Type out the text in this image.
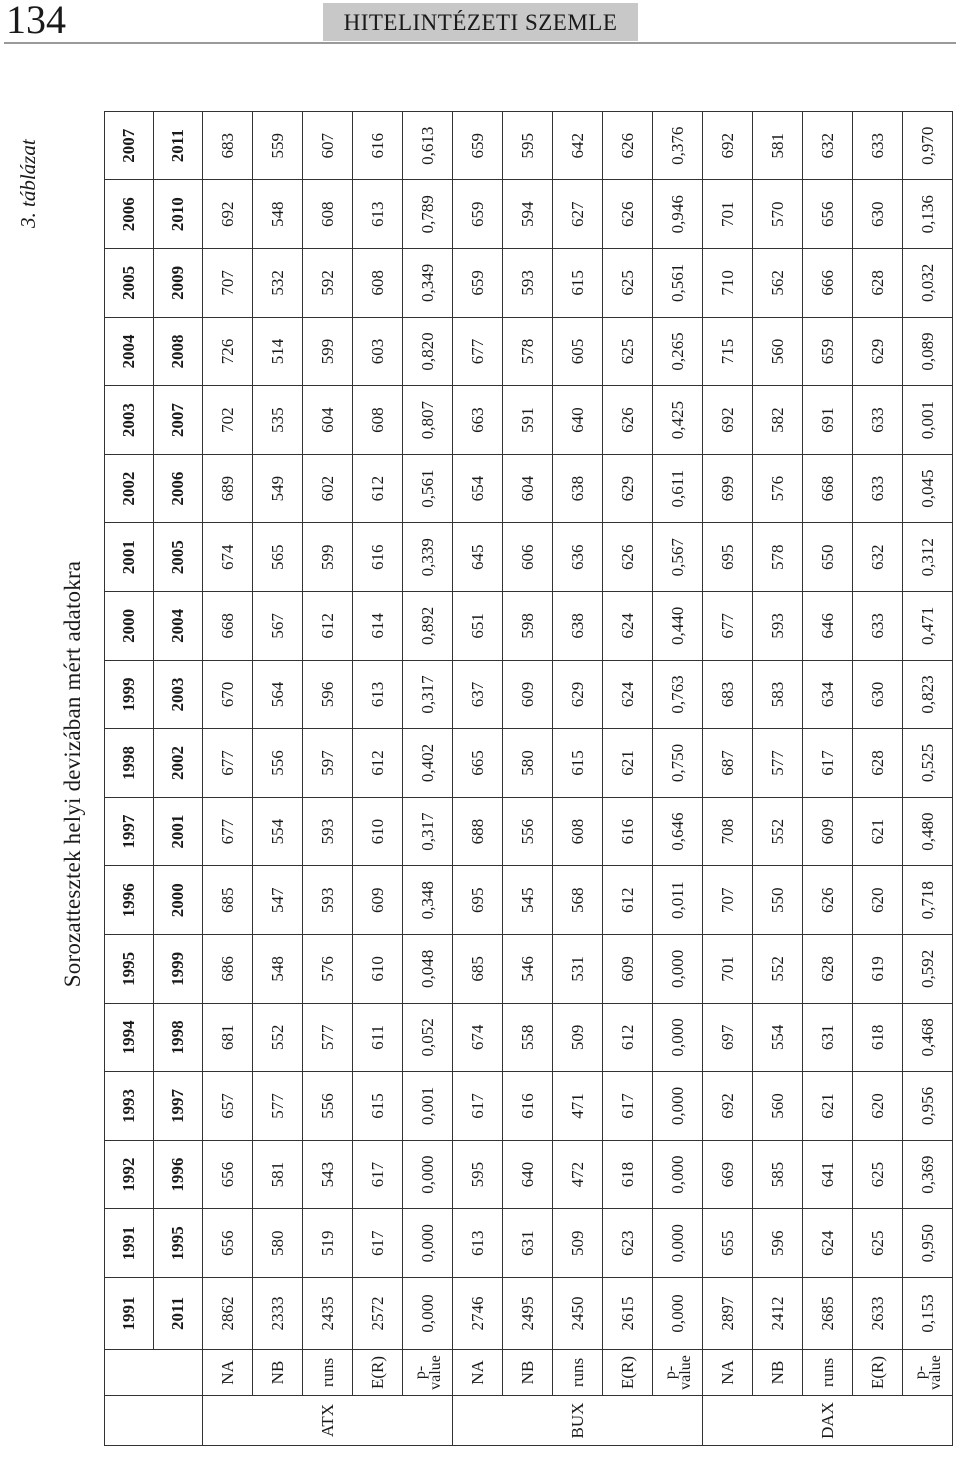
134	HITELINTÉZETI SZEMLE
3. táblázat
Sorozattesztek helyi devizában mért adatokra
		1991	1991	1992	1993	1994	1995	1996	1997	1998	1999	2000	2001	2002	2003	2004	2005	2006	2007
		2011	1995	1996	1997	1998	1999	2000	2001	2002	2003	2004	2005	2006	2007	2008	2009	2010	2011
	NA	2862	656	656	657	681	686	685	677	677	670	668	674	689	702	726	707	692	683
	NB	2333	580	581	577	552	548	547	554	556	564	567	565	549	535	514	532	548	559
ATX	runs	2435	519	543	556	577	576	593	593	597	596	612	599	602	604	599	592	608	607
	E(R)	2572	617	617	615	611	610	609	610	612	613	614	616	612	608	603	608	613	616
	p-
value	0,000	0,000	0,000	0,001	0,052	0,048	0,348	0,317	0,402	0,317	0,892	0,339	0,561	0,807	0,820	0,349	0,789	0,613
	NA	2746	613	595	617	674	685	695	688	665	637	651	645	654	663	677	659	659	659
	NB	2495	631	640	616	558	546	545	556	580	609	598	606	604	591	578	593	594	595
BUX	runs	2450	509	472	471	509	531	568	608	615	629	638	636	638	640	605	615	627	642
	E(R)	2615	623	618	617	612	609	612	616	621	624	624	626	629	626	625	625	626	626
	p-
value	0,000	0,000	0,000	0,000	0,000	0,000	0,011	0,646	0,750	0,763	0,440	0,567	0,611	0,425	0,265	0,561	0,946	0,376
	NA	2897	655	669	692	697	701	707	708	687	683	677	695	699	692	715	710	701	692
	NB	2412	596	585	560	554	552	550	552	577	583	593	578	576	582	560	562	570	581
DAX	runs	2685	624	641	621	631	628	626	609	617	634	646	650	668	691	659	666	656	632
	E(R)	2633	625	625	620	618	619	620	621	628	630	633	632	633	633	629	628	630	633
	p-
value	0,153	0,950	0,369	0,956	0,468	0,592	0,718	0,480	0,525	0,823	0,471	0,312	0,045	0,001	0,089	0,032	0,136	0,970
